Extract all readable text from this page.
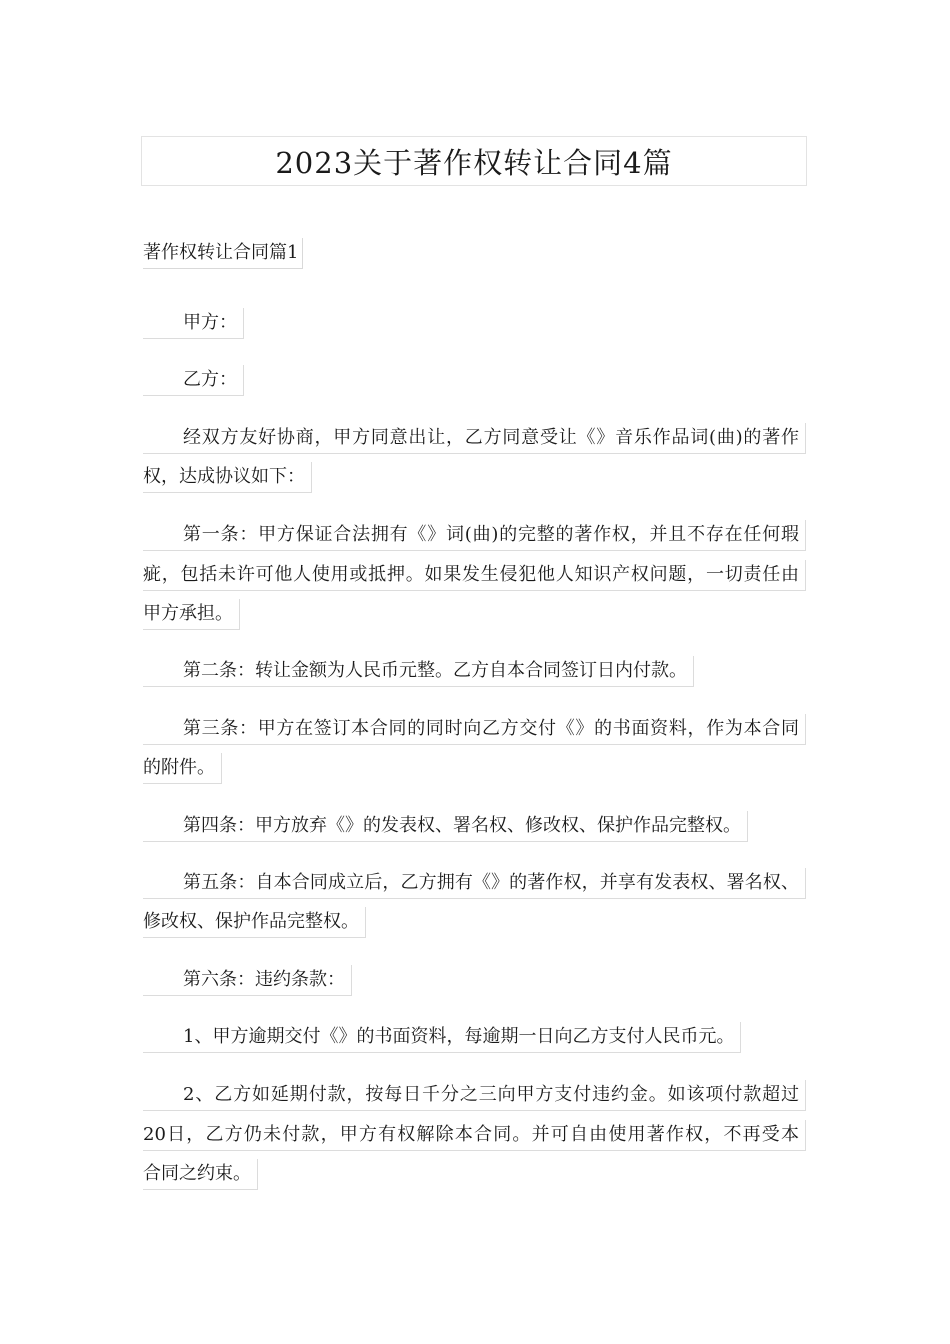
2023关于著作权转让合同4篇
著作权转让合同篇1
甲方：
乙方：
经双方友好协商，甲方同意出让，乙方同意受让《》音乐作品词(曲)的著作
权，达成协议如下：
第一条：甲方保证合法拥有《》词(曲)的完整的著作权，并且不存在任何瑕
疵，包括未许可他人使用或抵押。如果发生侵犯他人知识产权问题，一切责任由
甲方承担。
第二条：转让金额为人民币元整。乙方自本合同签订日内付款。
第三条：甲方在签订本合同的同时向乙方交付《》的书面资料，作为本合同
的附件。
第四条：甲方放弃《》的发表权、署名权、修改权、保护作品完整权。
第五条：自本合同成立后，乙方拥有《》的著作权，并享有发表权、署名权、
修改权、保护作品完整权。
第六条：违约条款：
1、甲方逾期交付《》的书面资料，每逾期一日向乙方支付人民币元。
2、乙方如延期付款，按每日千分之三向甲方支付违约金。如该项付款超过
20日，乙方仍未付款，甲方有权解除本合同。并可自由使用著作权，不再受本
合同之约束。
